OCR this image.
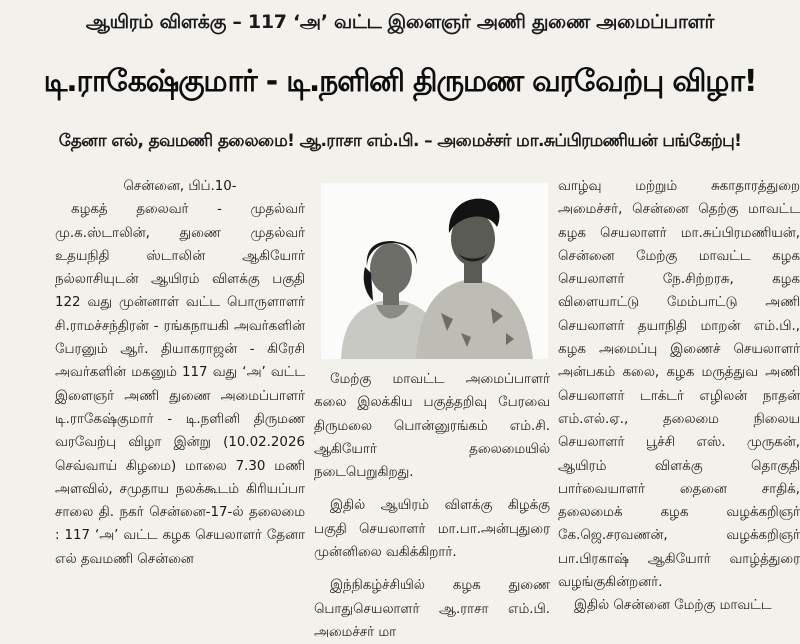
ஆயிரம் விளக்கு – 117 ‘அ’ வட்ட இளைஞர் அணி துணை அமைப்பாளர்
டி.ராகேஷ்குமார் - டி.நளினி திருமண வரவேற்பு விழா!
தேனா எல், தவமணி தலைமை! ஆ.ராசா எம்.பி. – அமைச்சர் மா.சுப்பிரமணியன் பங்கேற்பு!

சென்னை, பிப்.10-

கழகத் தலைவர் - முதல்வர் மு.க.ஸ்டாலின், துணை முதல்வர் உதயநிதி ஸ்டாலின் ஆகியோர் நல்லாசியுடன் ஆயிரம் விளக்கு பகுதி 122 வது முன்னாள் வட்ட பொருளாளர் சி.ராமச்சந்திரன் - ரங்கநாயகி அவர்களின் பேரனும் ஆர். தியாகராஜன் - கிரேசி அவர்களின் மகனும் 117 வது ‘அ’ வட்ட இளைஞர் அணி துணை அமைப்பாளர் டி.ராகேஷ்குமார் - டி.நளினி திருமண வரவேற்பு விழா இன்று (10.02.2026 செவ்வாய் கிழமை) மாலை 7.30 மணி அளவில், சமுதாய நலக்கூடம் கிரியப்பா சாலை தி. நகர் சென்னை-17-ல் தலைமை : 117 ‘அ’ வட்ட கழக செயலாளர் தேனா எல் தவமணி சென்னை

மேற்கு மாவட்ட அமைப்பாளர் கலை இலக்கிய பகுத்தறிவு பேரவை திருமலை பொன்னுரங்கம் எம்.சி. ஆகியோர் தலைமையில் நடைபெறுகிறது.

இதில் ஆயிரம் விளக்கு கிழக்கு பகுதி செயலாளர் மா.பா.அன்புதுரை முன்னிலை வகிக்கிறார்.

இந்நிகழ்ச்சியில் கழக துணை பொதுசெயலாளர் ஆ.ராசா எம்.பி. அமைச்சர் மா

வாழ்வு மற்றும் சுகாதாரத்துறை அமைச்சர், சென்னை தெற்கு மாவட்ட கழக செயலாளர் மா.சுப்பிரமணியன், சென்னை மேற்கு மாவட்ட கழக செயலாளர் நே.சிற்றரசு, கழக விளையாட்டு மேம்பாட்டு அணி செயலாளர் தயாநிதி மாறன் எம்.பி., கழக அமைப்பு இணைச் செயலாளர் அன்பகம் கலை, கழக மருத்துவ அணி செயலாளர் டாக்டர் எழிலன் நாதன் எம்.எல்.ஏ., தலைமை நிலைய செயலாளர் பூச்சி எஸ். முருகன், ஆயிரம் விளக்கு தொகுதி பார்வையாளர் தைனை சாதிக், தலைமைக் கழக வழக்கறிஞர் கே.ஜெ.சரவணன், வழக்கறிஞர் பா.பிரகாஷ் ஆகியோர் வாழ்த்துரை வழங்குகின்றனர்.

இதில் சென்னை மேற்கு மாவட்ட
